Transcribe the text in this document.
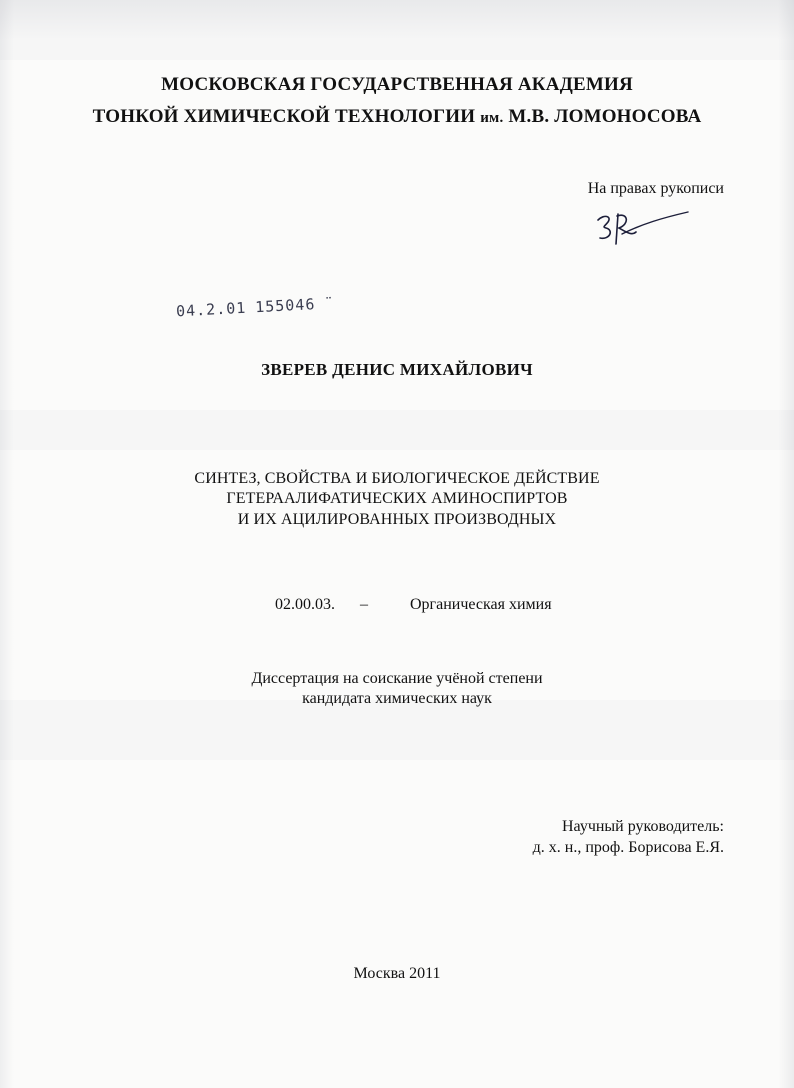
МОСКОВСКАЯ ГОСУДАРСТВЕННАЯ АКАДЕМИЯ
ТОНКОЙ ХИМИЧЕСКОЙ ТЕХНОЛОГИИ им. М.В. ЛОМОНОСОВА
На правах рукописи
04.2.01 155046 ¨
ЗВЕРЕВ ДЕНИС МИХАЙЛОВИЧ
СИНТЕЗ, СВОЙСТВА И БИОЛОГИЧЕСКОЕ ДЕЙСТВИЕ
ГЕТЕРААЛИФАТИЧЕСКИХ АМИНОСПИРТОВ
И ИХ АЦИЛИРОВАННЫХ ПРОИЗВОДНЫХ
02.00.03. –	Органическая химия
Диссертация на соискание учёной степени
кандидата химических наук
Научный руководитель:
д. х. н., проф. Борисова Е.Я.
Москва 2011
